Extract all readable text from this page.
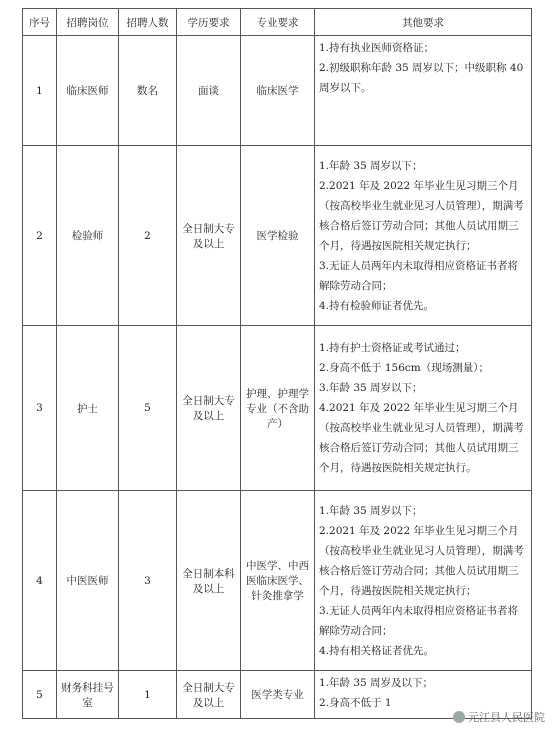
序号	招聘岗位	招聘人数	学历要求	专业要求	其他要求
1	临床医师	数名	面谈	临床医学	1.持有执业医师资格证；
2.初级职称年龄 35 周岁以下；中级职称 40 周岁以下。

2	检验师	2	全日制大专及以上	医学检验	1.年龄 35 周岁以下；
2.2021 年及 2022 年毕业生见习期三个月（按高校毕业生就业见习人员管理），期满考核合格后签订劳动合同；其他人员试用期三个月，待遇按医院相关规定执行；
3.无证人员两年内未取得相应资格证书者将解除劳动合同；
4.持有检验师证者优先。

3	护士	5	全日制大专及以上	护理、护理学专业（不含助产）	1.持有护士资格证或考试通过；
2.身高不低于 156cm（现场测量）；
3.年龄 35 周岁以下；
4.2021 年及 2022 年毕业生见习期三个月（按高校毕业生就业见习人员管理），期满考核合格后签订劳动合同；其他人员试用期三个月，待遇按医院相关规定执行。

4	中医医师	3	全日制本科及以上	中医学、中西医临床医学、针灸推拿学	1.年龄 35 周岁以下；
2.2021 年及 2022 年毕业生见习期三个月（按高校毕业生就业见习人员管理），期满考核合格后签订劳动合同；其他人员试用期三个月，待遇按医院相关规定执行；
3.无证人员两年内未取得相应资格证书者将解除劳动合同；
4.持有相关格证者优先。

5	财务科挂号室	1	全日制大专及以上	医学类专业	1.年龄 35 周岁及以下；
2.身高不低于 1
元江县人民医院
